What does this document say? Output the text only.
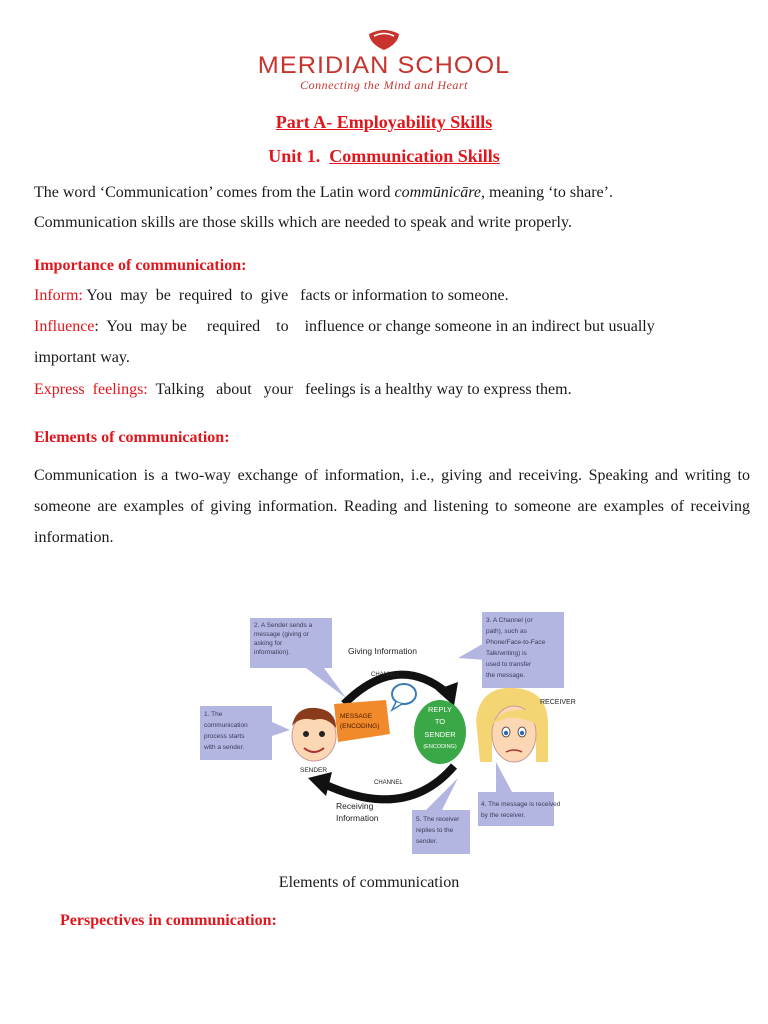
MERIDIAN SCHOOL
Connecting the Mind and Heart
Part A- Employability Skills
Unit 1. Communication Skills
The word ‘Communication’ comes from the Latin word commūnicāre, meaning ‘to share’.
Communication skills are those skills which are needed to speak and write properly.
Importance of communication:
Inform: You  may  be  required  to  give   facts or information to someone.
Influence:  You  may be     required    to    influence or change someone in an indirect but usually
important way.
Express  feelings: Talking   about   your   feelings is a healthy way to express them.
Elements of communication:
Communication is a two-way exchange of information, i.e., giving and receiving. Speaking and writing to someone are examples of giving information. Reading and listening to someone are examples of receiving information.
2. A Sender sends a
message (giving or
asking for
information).
3. A Channel (or
path), such as
Phone/Face-to-Face
Talk/writing) is
used to transfer
the message.
1. The
communication
process starts
with a sender.
4. The message is received
by the receiver.
5. The receiver
replies to the
sender.
Giving Information
CHANNEL
CHANNEL
Receiving
Information
MESSAGE
(ENCODING)
REPLY
TO
SENDER
(ENCODING)
SENDER
RECEIVER
Elements of communication
Perspectives in communication:
